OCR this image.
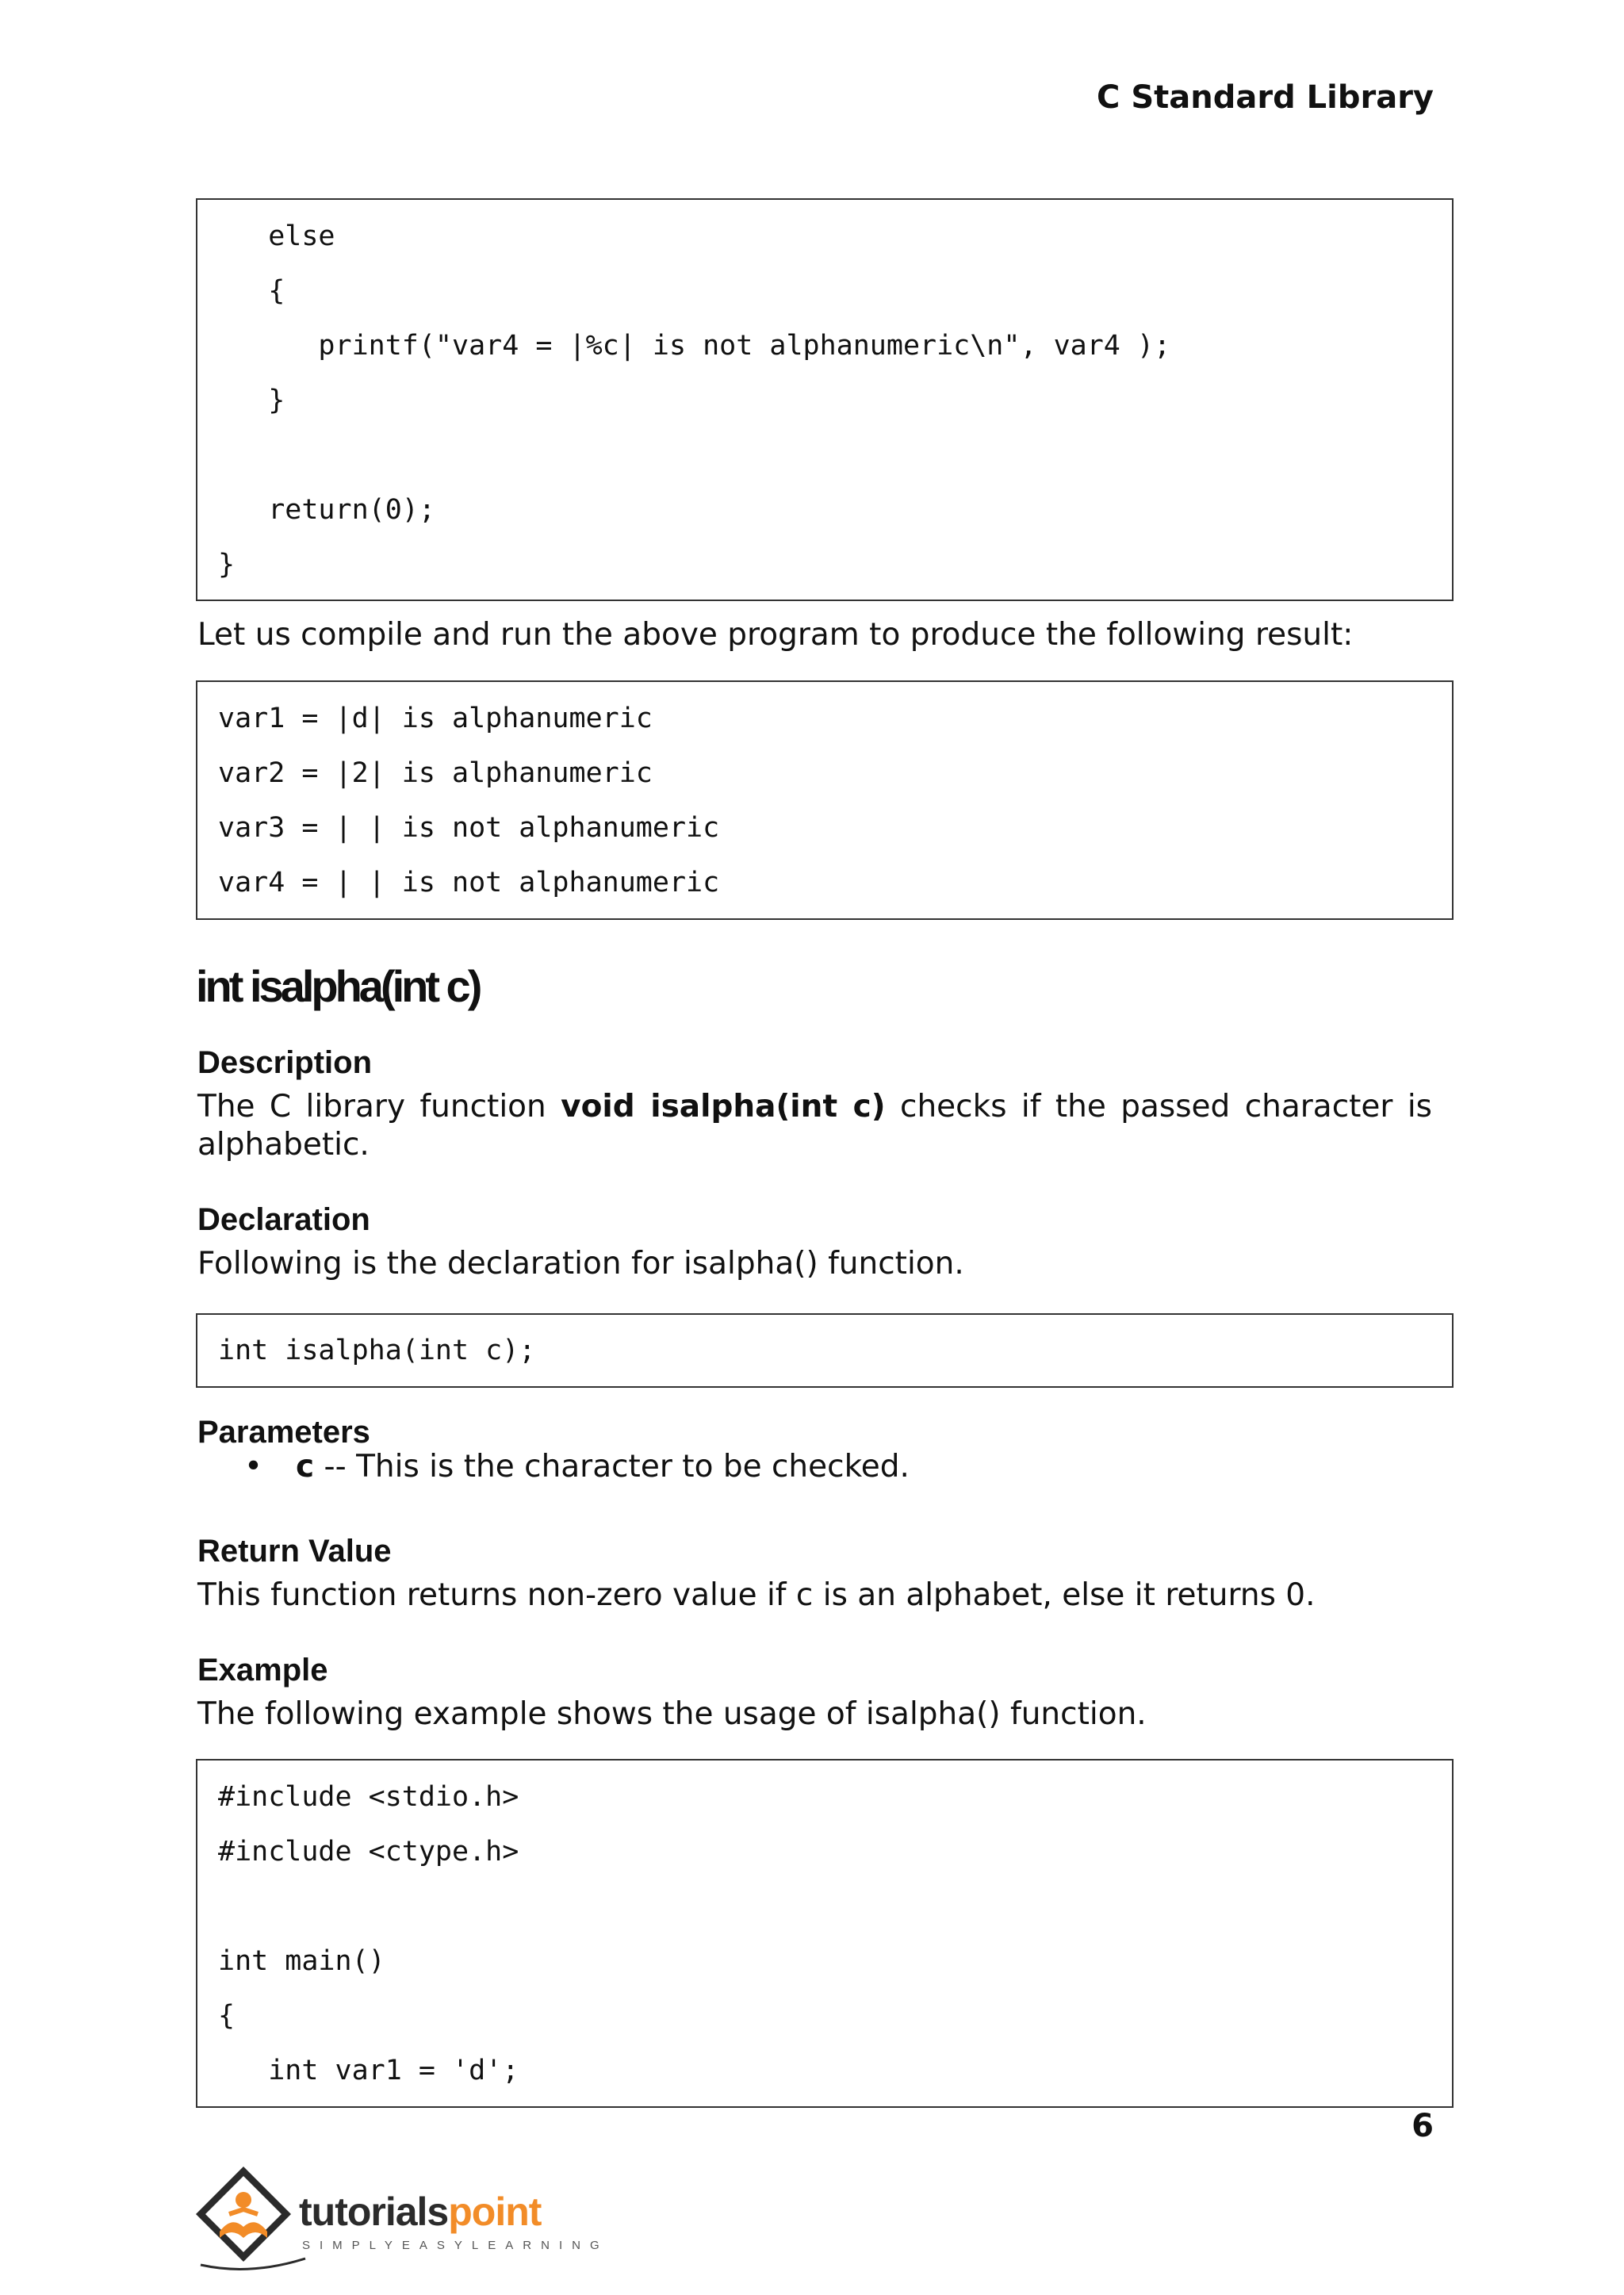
C Standard Library
else
{
printf("var4 = |%c| is not alphanumeric\n", var4 );
}
return(0);
}
Let us compile and run the above program to produce the following result:
var1 = |d| is alphanumeric
var2 = |2| is alphanumeric
var3 = | | is not alphanumeric
var4 = | | is not alphanumeric
int isalpha(int c)
Description
The C library function void isalpha(int c) checks if the passed character is
alphabetic.
Declaration
Following is the declaration for isalpha() function.
int isalpha(int c);
Parameters
• c -- This is the character to be checked.
Return Value
This function returns non-zero value if c is an alphabet, else it returns 0.
Example
The following example shows the usage of isalpha() function.
#include <stdio.h>
#include <ctype.h>
int main()
{
int var1 = 'd';
6
tutorialspoint
SIMPLYEASYLEARNING
